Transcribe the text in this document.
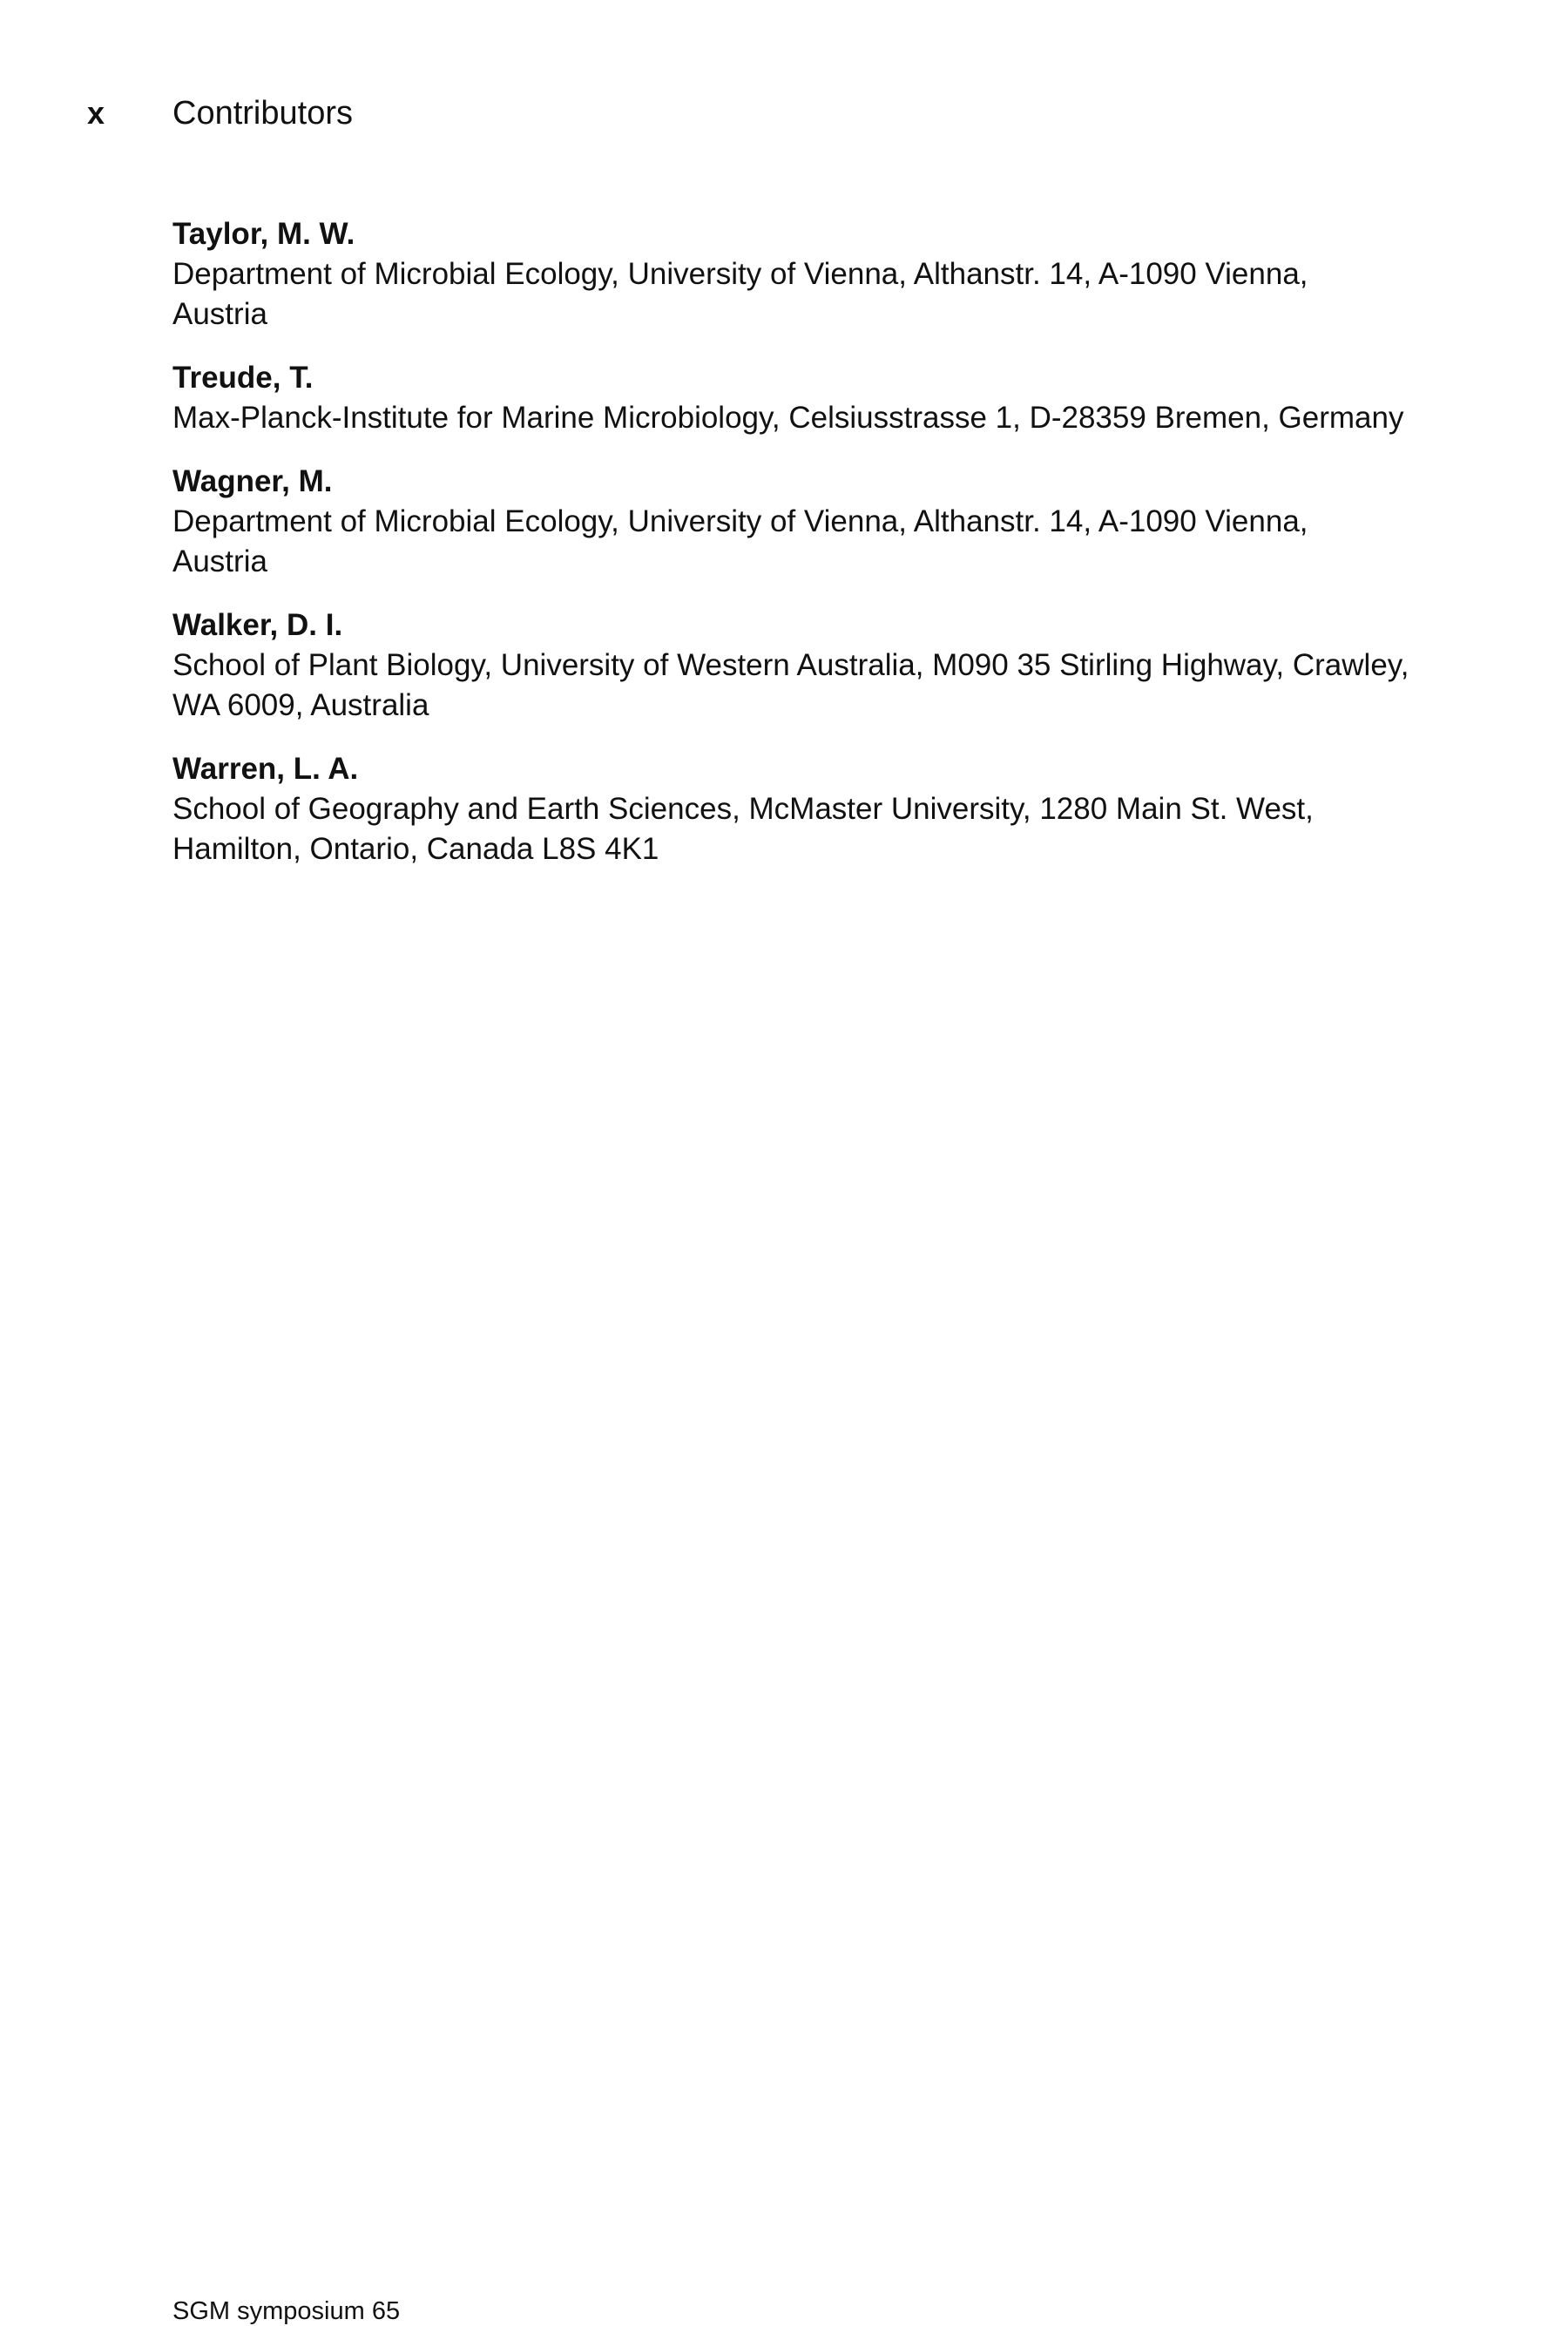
x Contributors
Taylor, M. W.
Department of Microbial Ecology, University of Vienna, Althanstr. 14, A-1090 Vienna,
Austria
Treude, T.
Max-Planck-Institute for Marine Microbiology, Celsiusstrasse 1, D-28359 Bremen, Germany
Wagner, M.
Department of Microbial Ecology, University of Vienna, Althanstr. 14, A-1090 Vienna,
Austria
Walker, D. I.
School of Plant Biology, University of Western Australia, M090 35 Stirling Highway, Crawley,
WA 6009, Australia
Warren, L. A.
School of Geography and Earth Sciences, McMaster University, 1280 Main St. West,
Hamilton, Ontario, Canada L8S 4K1
SGM symposium 65
